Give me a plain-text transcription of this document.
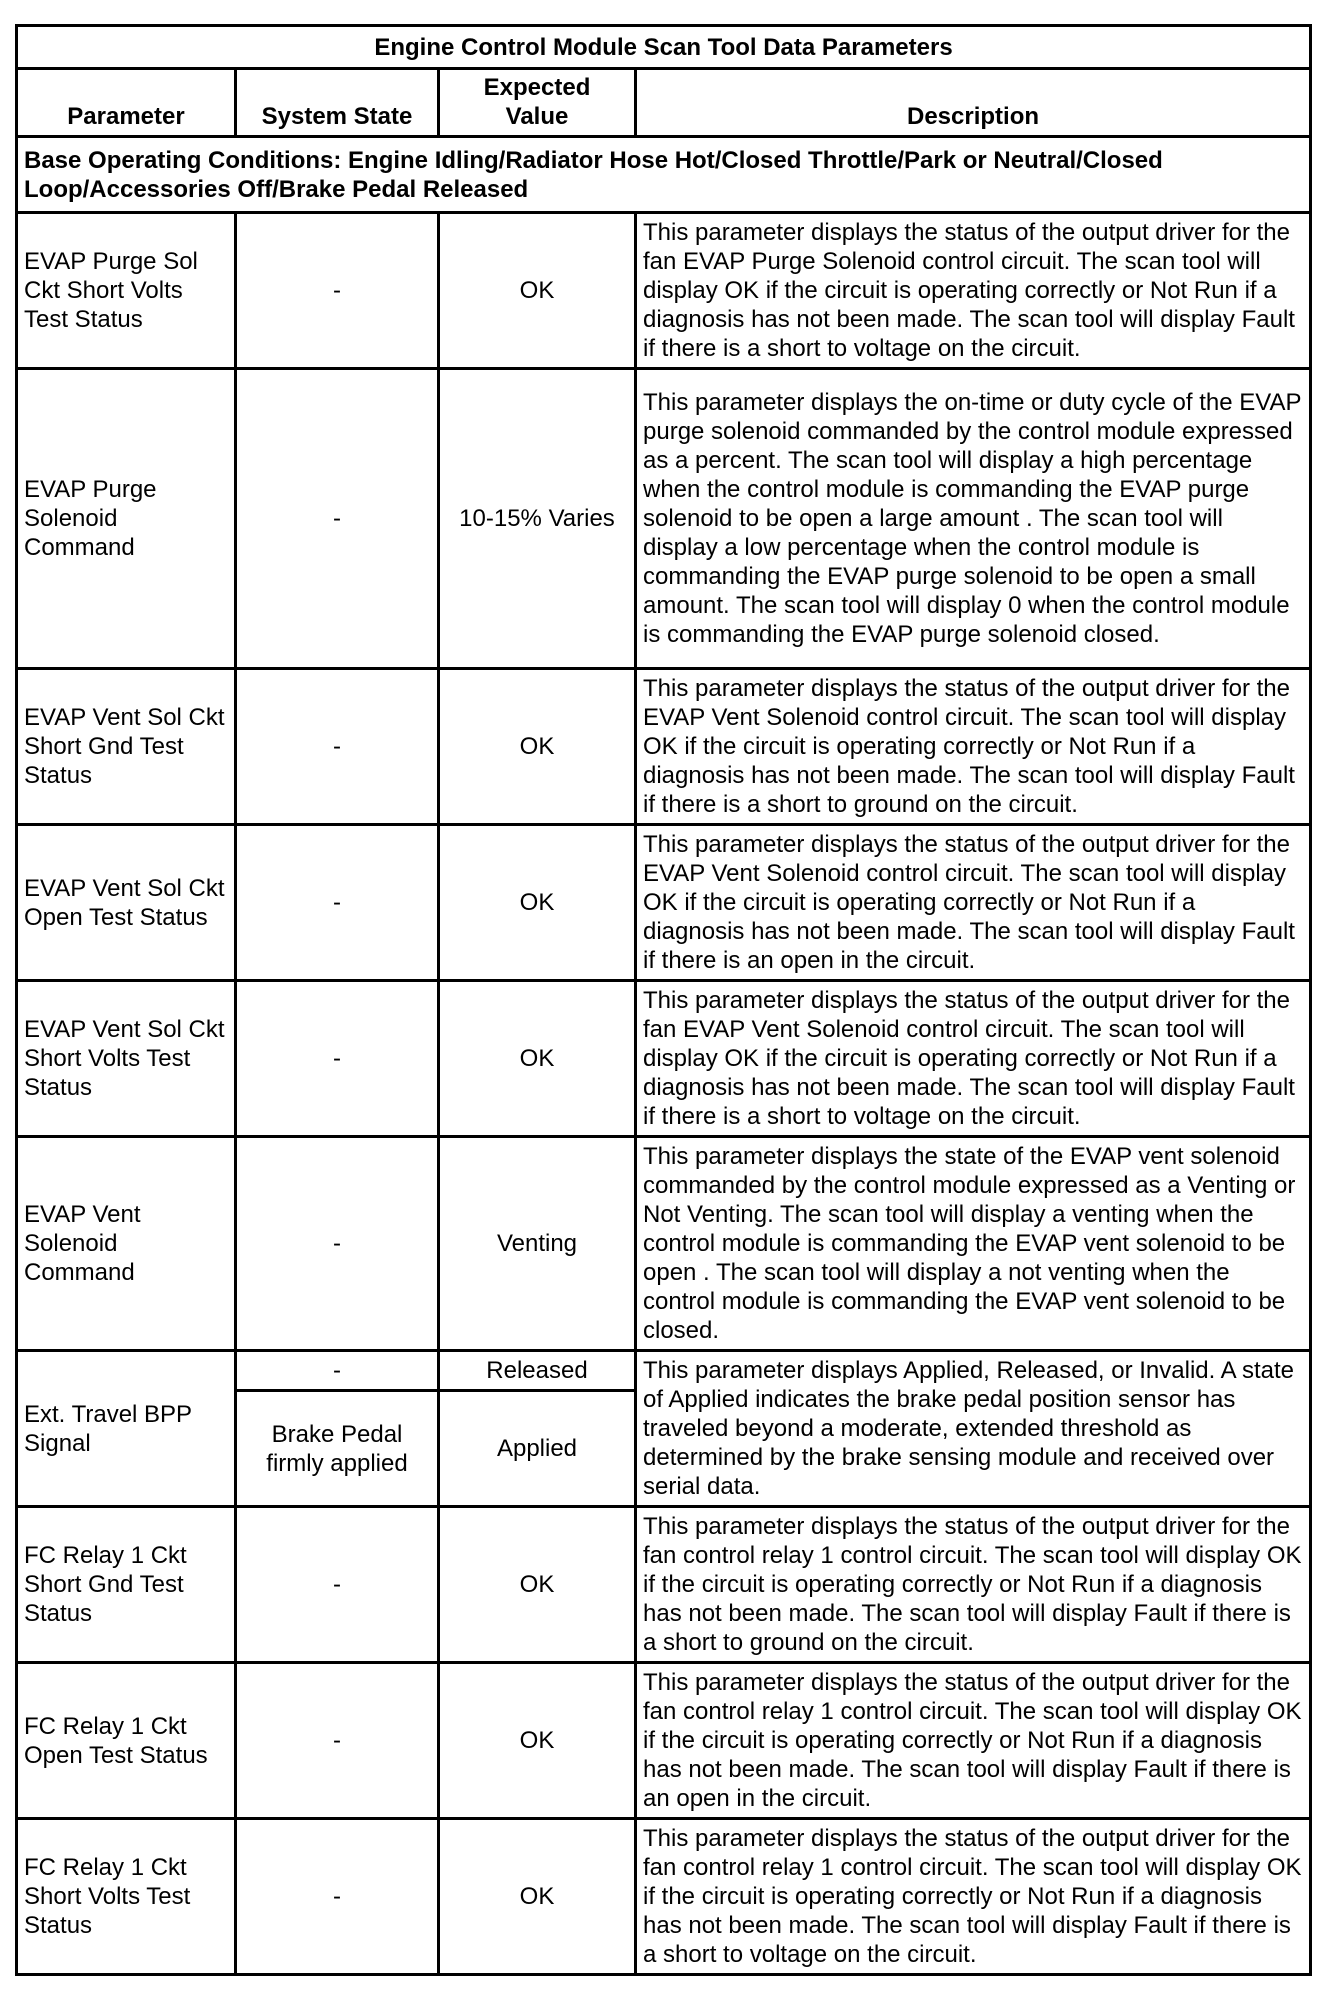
Engine Control Module Scan Tool Data Parameters			
Parameter	System State	Expected Value	Description
Base Operating Conditions: Engine Idling/Radiator Hose Hot/Closed Throttle/Park or Neutral/Closed Loop/Accessories Off/Brake Pedal Released			
EVAP Purge Sol Ckt Short Volts Test Status	-	OK	This parameter displays the status of the output driver for the fan EVAP Purge Solenoid control circuit. The scan tool will display OK if the circuit is operating correctly or Not Run if a diagnosis has not been made. The scan tool will display Fault if there is a short to voltage on the circuit.
EVAP Purge Solenoid Command	-	10-15% Varies	This parameter displays the on-time or duty cycle of the EVAP purge solenoid commanded by the control module expressed as a percent. The scan tool will display a high percentage when the control module is commanding the EVAP purge solenoid to be open a large amount . The scan tool will display a low percentage when the control module is commanding the EVAP purge solenoid to be open a small amount. The scan tool will display 0 when the control module is commanding the EVAP purge solenoid closed.
EVAP Vent Sol Ckt Short Gnd Test Status	-	OK	This parameter displays the status of the output driver for the EVAP Vent Solenoid control circuit. The scan tool will display OK if the circuit is operating correctly or Not Run if a diagnosis has not been made. The scan tool will display Fault if there is a short to ground on the circuit.
EVAP Vent Sol Ckt Open Test Status	-	OK	This parameter displays the status of the output driver for the EVAP Vent Solenoid control circuit. The scan tool will display OK if the circuit is operating correctly or Not Run if a diagnosis has not been made. The scan tool will display Fault if there is an open in the circuit.
EVAP Vent Sol Ckt Short Volts Test Status	-	OK	This parameter displays the status of the output driver for the fan EVAP Vent Solenoid control circuit. The scan tool will display OK if the circuit is operating correctly or Not Run if a diagnosis has not been made. The scan tool will display Fault if there is a short to voltage on the circuit.
EVAP Vent Solenoid Command	-	Venting	This parameter displays the state of the EVAP vent solenoid commanded by the control module expressed as a Venting or Not Venting. The scan tool will display a venting when the control module is commanding the EVAP vent solenoid to be open . The scan tool will display a not venting when the control module is commanding the EVAP vent solenoid to be closed.
Ext. Travel BPP Signal	-	Released	This parameter displays Applied, Released, or Invalid. A state of Applied indicates the brake pedal position sensor has traveled beyond a moderate, extended threshold as determined by the brake sensing module and received over serial data.
	Brake Pedal firmly applied	Applied	
FC Relay 1 Ckt Short Gnd Test Status	-	OK	This parameter displays the status of the output driver for the fan control relay 1 control circuit. The scan tool will display OK if the circuit is operating correctly or Not Run if a diagnosis has not been made. The scan tool will display Fault if there is a short to ground on the circuit.
FC Relay 1 Ckt Open Test Status	-	OK	This parameter displays the status of the output driver for the fan control relay 1 control circuit. The scan tool will display OK if the circuit is operating correctly or Not Run if a diagnosis has not been made. The scan tool will display Fault if there is an open in the circuit.
FC Relay 1 Ckt Short Volts Test Status	-	OK	This parameter displays the status of the output driver for the fan control relay 1 control circuit. The scan tool will display OK if the circuit is operating correctly or Not Run if a diagnosis has not been made. The scan tool will display Fault if there is a short to voltage on the circuit.
